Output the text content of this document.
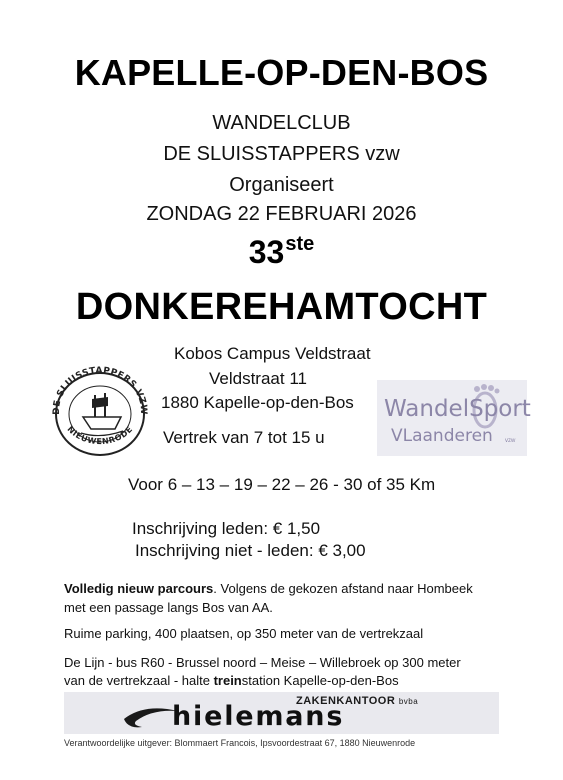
KAPELLE-OP-DEN-BOS
WANDELCLUB
DE SLUISSTAPPERS vzw
Organiseert
ZONDAG 22 FEBRUARI 2026
33ste
DONKEREHAMTOCHT
DE SLUISSTAPPERS VZW
NIEUWENRODE
Kobos Campus Veldstraat
Veldstraat 11
1880 Kapelle-op-den-Bos
Vertrek van 7 tot 15 u
WandelSport
VLaanderen vzw
Voor 6 – 13 – 19 – 22 – 26 - 30 of 35 Km
Inschrijving leden: € 1,50
Inschrijving niet - leden: € 3,00
Volledig nieuw parcours. Volgens de gekozen afstand naar Hombeek
met een passage langs Bos van AA.
Ruime parking, 400 plaatsen, op 350 meter van de vertrekzaal
De Lijn - bus R60 - Brussel noord – Meise – Willebroek op 300 meter
van de vertrekzaal - halte treinstation Kapelle-op-den-Bos
ZAKENKANTOOR bvba
hielemans
Verantwoordelijke uitgever: Blommaert Francois, Ipsvoordestraat 67, 1880 Nieuwenrode
